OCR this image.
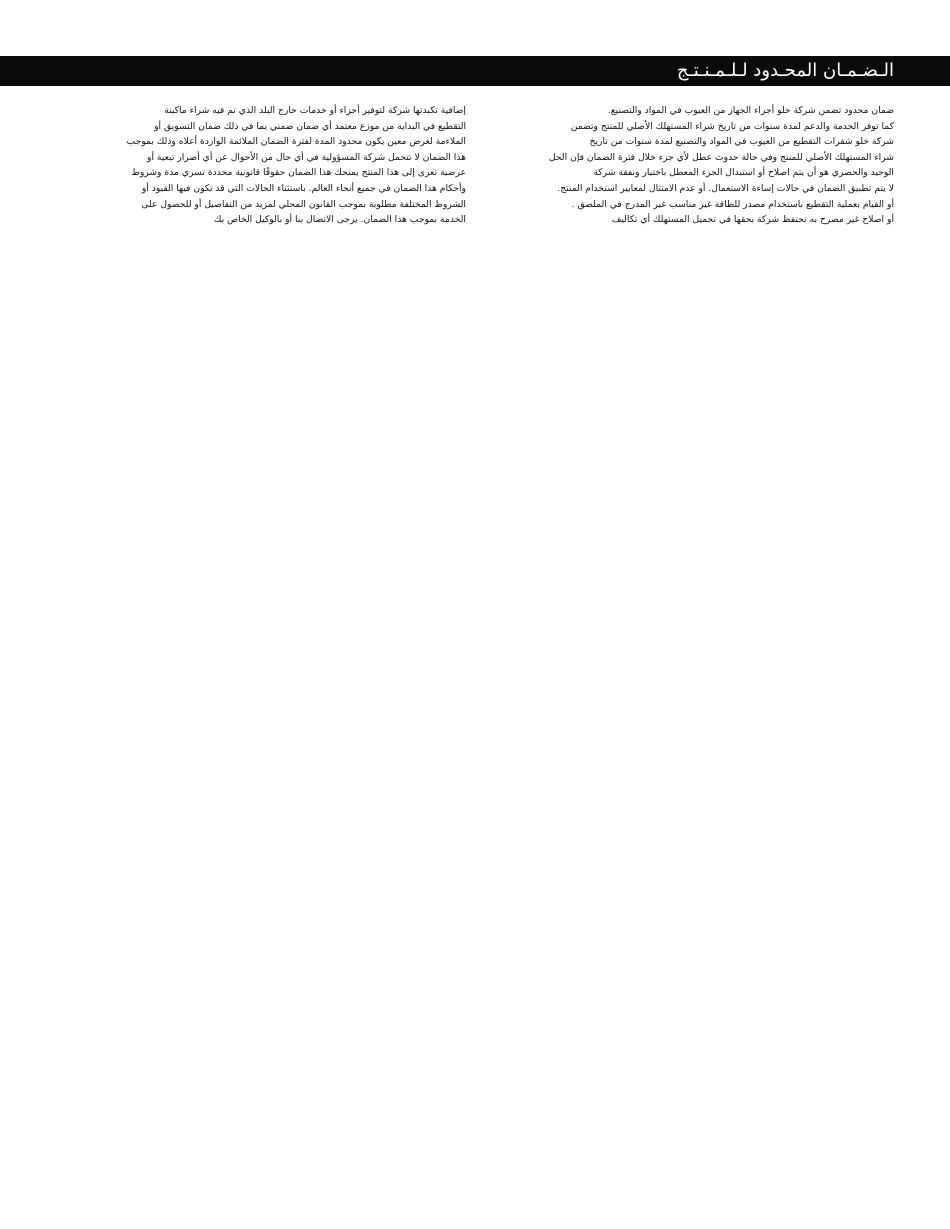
الـضـمـان المحـدود لـلـمـنـتـج
ضمان محدود تضمن شركة خلو أجزاء الجهاز من العيوب في المواد والتصنيع.
كما توفر الخدمة والدعم لمدة سنوات من تاريخ شراء المستهلك الأصلي للمنتج وتضمن
شركة خلو شفرات التقطيع من العيوب في المواد والتصنيع لمدة سنوات من تاريخ
شراء المستهلك الأصلي للمنتج وفي حالة حدوث عطل لأي جزء خلال فترة الضمان فإن الحل
الوحيد والحصري هو أن يتم اصلاح أو استبدال الجزء المعطل باختيار ونفقة شركة
لا يتم تطبيق الضمان في حالات إساءة الاستعمال. أو عدم الامتثال لمعايير استخدام المنتج.
أو القيام بعملية التقطيع باستخدام مصدر للطاقة غير مناسب غير المدرج في الملصق .
أو اصلاح غير مصرح به تحتفظ شركة بحقها في تحميل المستهلك أي تكاليف
إضافية تكبدتها شركة لتوفير أجزاء أو خدمات خارج البلد الذي تم فيه شراء ماكينة
التقطيع في البداية من موزع معتمد أي ضمان ضمني بما في ذلك ضمان التسويق أو
الملاءمة لغرض معين يكون محدود المدة لفترة الضمان الملائمة الواردة أعلاه وذلك بموجب
هذا الضمان لا تتحمل شركة المسؤولية في أي حال من الأحوال عن أي أضرار تبعية أو
عرضية تعزى إلى هذا المنتج يمنحك هذا الضمان حقوقًا قانونية محددة تسري مدة وشروط
وأحكام هذا الضمان في جميع أنحاء العالم. باستثناء الحالات التي قد تكون فيها القيود أو
الشروط المختلفة مطلوبة بموجب القانون المحلي لمزيد من التفاصيل أو للحصول على
الخدمة بموجب هذا الضمان. يرجى الاتصال بنا أو بالوكيل الخاص بك
